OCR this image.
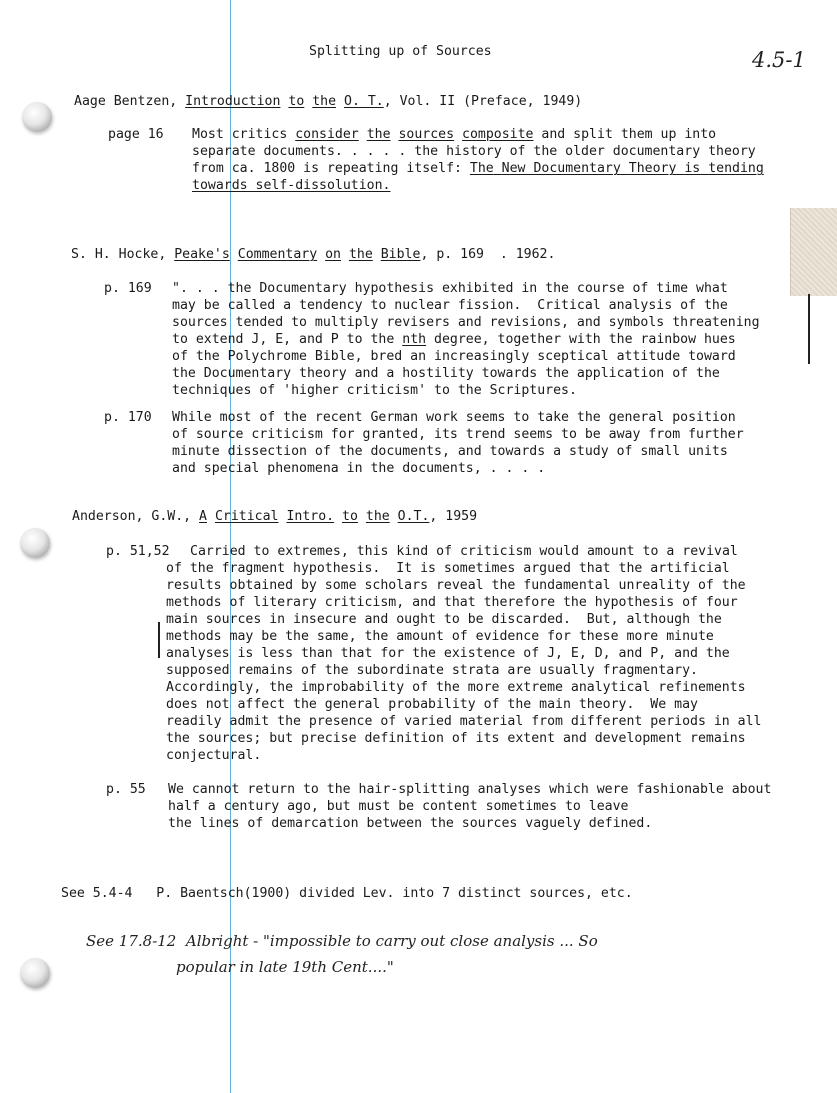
Splitting up of Sources	4.5-1
Aage Bentzen, Introduction to the O. T., Vol. II (Preface, 1949)
page 16 Most critics consider the sources composite and split them up into
separate documents. . . . . the history of the older documentary theory
from ca. 1800 is repeating itself: The New Documentary Theory is tending
towards self-dissolution.
S. H. Hocke, Peake's Commentary on the Bible, p. 169  . 1962.
p. 169 ". . . the Documentary hypothesis exhibited in the course of time what
may be called a tendency to nuclear fission.  Critical analysis of the
sources tended to multiply revisers and revisions, and symbols threatening
to extend J, E, and P to the nth degree, together with the rainbow hues
of the Polychrome Bible, bred an increasingly sceptical attitude toward
the Documentary theory and a hostility towards the application of the
techniques of 'higher criticism' to the Scriptures.
p. 170 While most of the recent German work seems to take the general position
of source criticism for granted, its trend seems to be away from further
minute dissection of the documents, and towards a study of small units
and special phenomena in the documents, . . . .
Anderson, G.W., A Critical Intro. to the O.T., 1959
p. 51,52 Carried to extremes, this kind of criticism would amount to a revival
of the fragment hypothesis.  It is sometimes argued that the artificial
results obtained by some scholars reveal the fundamental unreality of the
methods of literary criticism, and that therefore the hypothesis of four
main sources in insecure and ought to be discarded.  But, although the
methods may be the same, the amount of evidence for these more minute
analyses is less than that for the existence of J, E, D, and P, and the
supposed remains of the subordinate strata are usually fragmentary.
Accordingly, the improbability of the more extreme analytical refinements
does not affect the general probability of the main theory.  We may
readily admit the presence of varied material from different periods in all
the sources; but precise definition of its extent and development remains
conjectural.
p. 55 We cannot return to the hair-splitting analyses which were fashionable about
half a century ago, but must be content sometimes to leave
the lines of demarcation between the sources vaguely defined.
See 5.4-4   P. Baentsch(1900) divided Lev. into 7 distinct sources, etc.
See 17.8-12  Albright - "impossible to carry out close analysis ... So
popular in late 19th Cent...."
